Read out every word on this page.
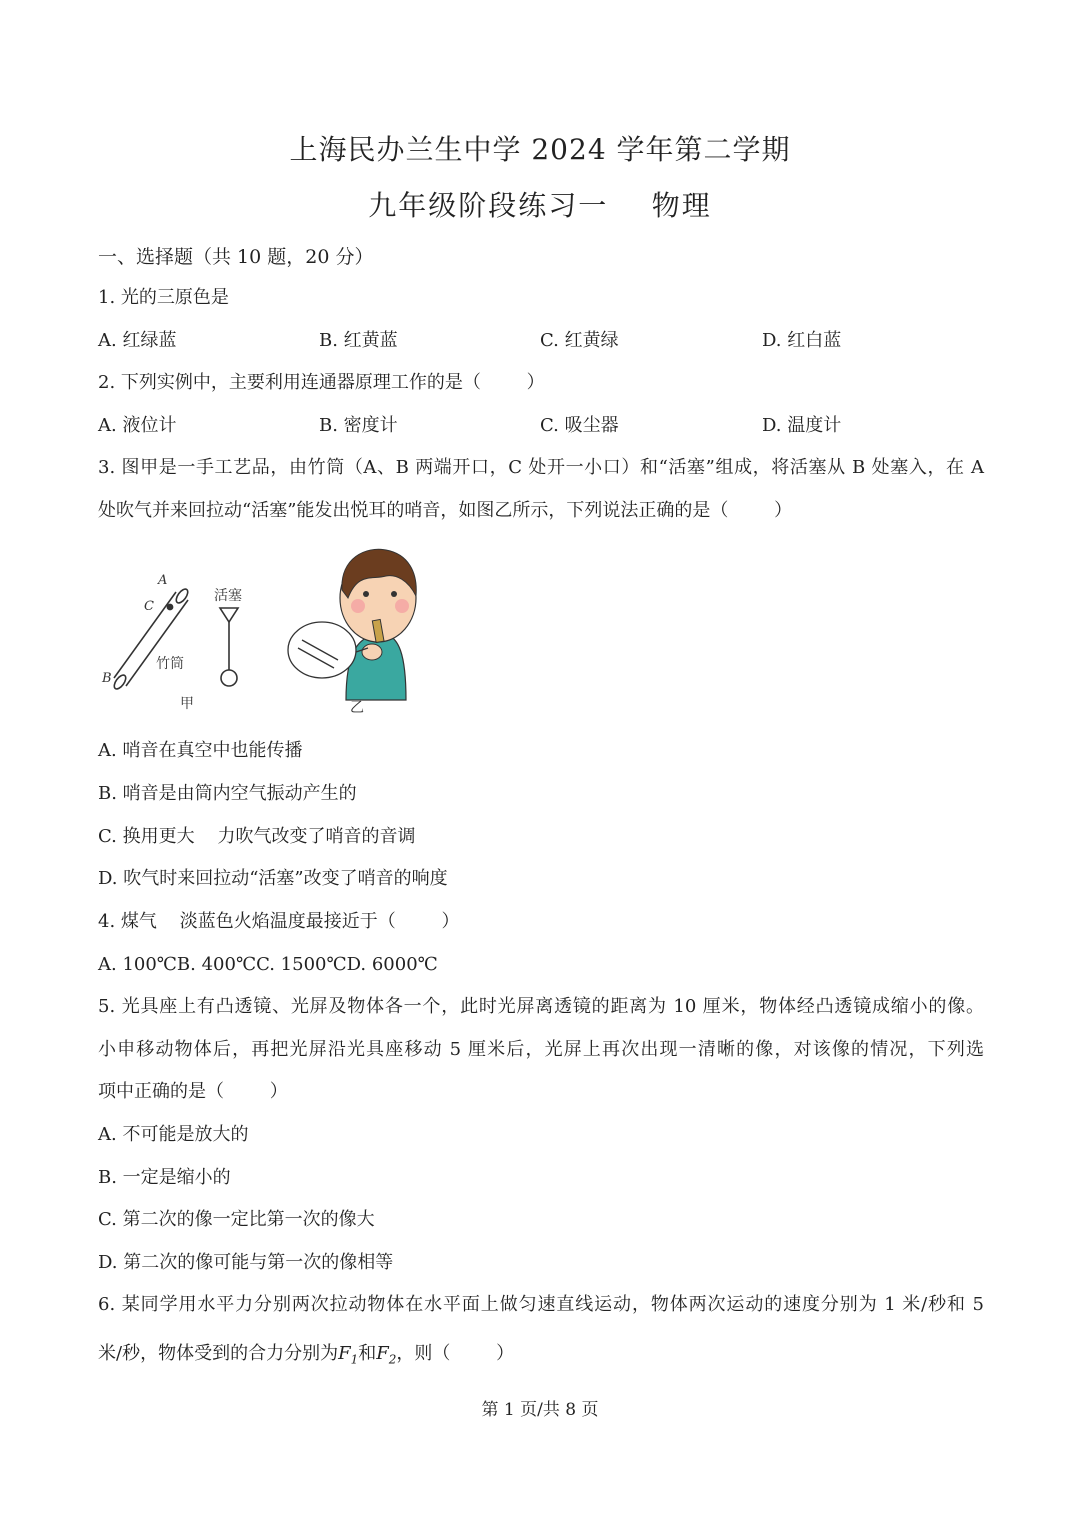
上海民办兰生中学 2024 学年第二学期
九年级阶段练习一    物理
一、选择题（共 10 题，20 分）
1. 光的三原色是
A. 红绿蓝	B. 红黄蓝	C. 红黄绿	D. 红白蓝
2. 下列实例中，主要利用连通器原理工作的是（        ）
A. 液位计	B. 密度计	C. 吸尘器	D. 温度计
3. 图甲是一手工艺品，由竹筒（A、B 两端开口，C 处开一小口）和“活塞”组成，将活塞从 B 处塞入，在 A
处吹气并来回拉动“活塞”能发出悦耳的哨音，如图乙所示，下列说法正确的是（        ）
A
C
B
竹筒
活塞
甲	乙
A. 哨音在真空中也能传播
B. 哨音是由筒内空气振动产生的
C. 换用更大    力吹气改变了哨音的音调
D. 吹气时来回拉动“活塞”改变了哨音的响度
4. 煤气    淡蓝色火焰温度最接近于（        ）
A. 100℃B. 400℃C. 1500℃D. 6000℃
5. 光具座上有凸透镜、光屏及物体各一个，此时光屏离透镜的距离为 10 厘米，物体经凸透镜成缩小的像。
小申移动物体后，再把光屏沿光具座移动 5 厘米后，光屏上再次出现一清晰的像，对该像的情况，下列选
项中正确的是（        ）
A. 不可能是放大的
B. 一定是缩小的
C. 第二次的像一定比第一次的像大
D. 第二次的像可能与第一次的像相等
6. 某同学用水平力分别两次拉动物体在水平面上做匀速直线运动，物体两次运动的速度分别为 1 米/秒和 5
米/秒，物体受到的合力分别为$F_1$和$F_2$，则（        ）
第 1 页/共 8 页
